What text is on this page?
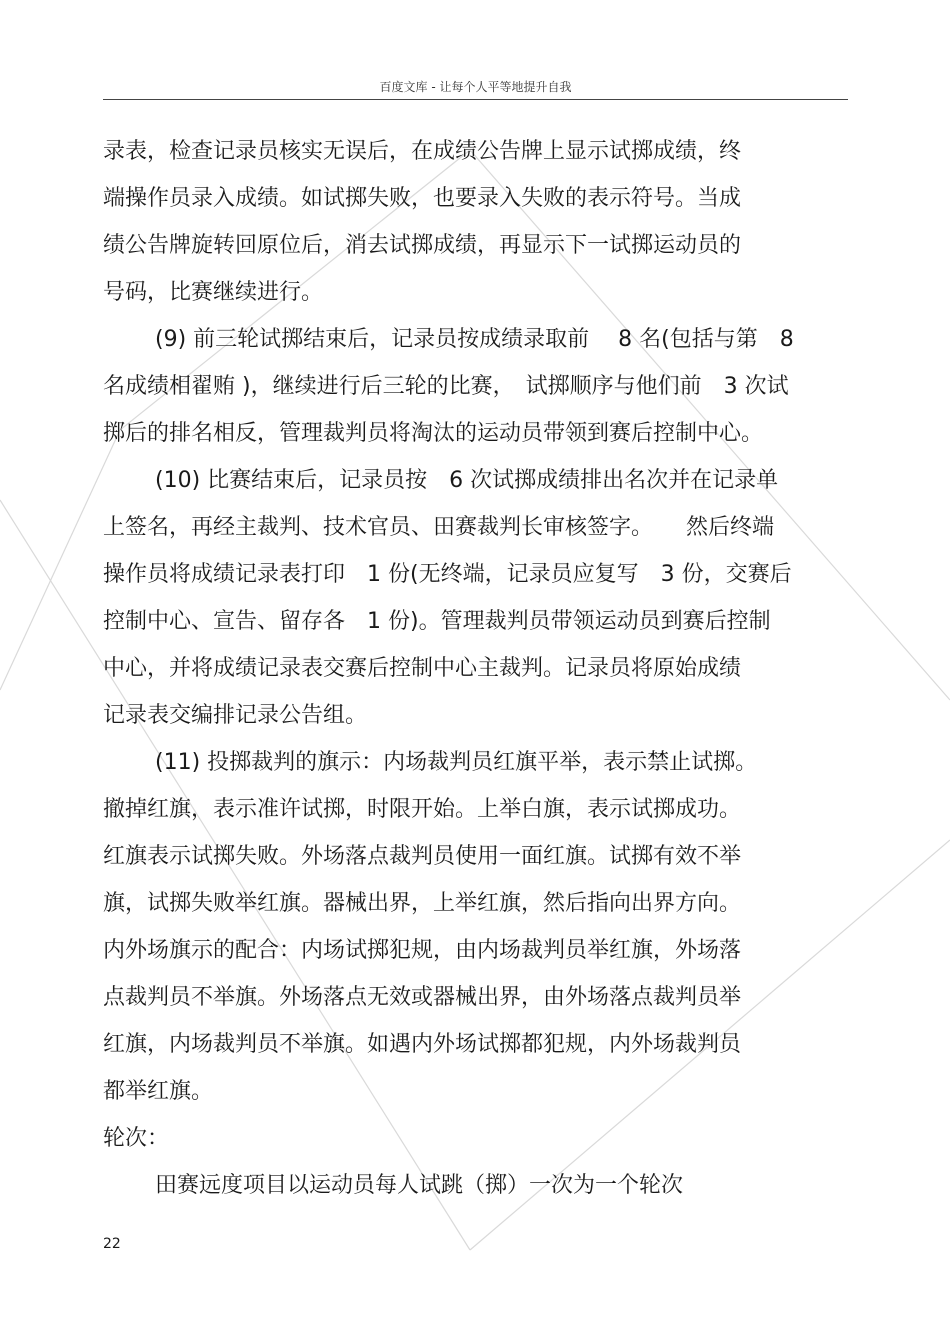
百度文库 - 让每个人平等地提升自我
录表，检查记录员核实无误后，在成绩公告牌上显示试掷成绩，终
端操作员录入成绩。如试掷失败，也要录入失败的表示符号。当成
绩公告牌旋转回原位后，消去试掷成绩，再显示下一试掷运动员的
号码，比赛继续进行。
(9) 前三轮试掷结束后，记录员按成绩录取前　 8 名(包括与第　8
名成绩相翟贿 )，继续进行后三轮的比赛，　试掷顺序与他们前　3 次试
掷后的排名相反，管理裁判员将淘汰的运动员带领到赛后控制中心。
(10) 比赛结束后，记录员按　6 次试掷成绩排出名次并在记录单
上签名，再经主裁判、技术官员、田赛裁判长审核签字。　　然后终端
操作员将成绩记录表打印　1 份(无终端，记录员应复写　3 份，交赛后
控制中心、宣告、留存各　1 份)。管理裁判员带领运动员到赛后控制
中心，并将成绩记录表交赛后控制中心主裁判。记录员将原始成绩
记录表交编排记录公告组。
(11) 投掷裁判的旗示：内场裁判员红旗平举，表示禁止试掷。
撤掉红旗，表示准许试掷，时限开始。上举白旗，表示试掷成功。
红旗表示试掷失败。外场落点裁判员使用一面红旗。试掷有效不举
旗，试掷失败举红旗。器械出界，上举红旗，然后指向出界方向。
内外场旗示的配合：内场试掷犯规，由内场裁判员举红旗，外场落
点裁判员不举旗。外场落点无效或器械出界，由外场落点裁判员举
红旗，内场裁判员不举旗。如遇内外场试掷都犯规，内外场裁判员
都举红旗。
轮次：
田赛远度项目以运动员每人试跳（掷）一次为一个轮次
22
